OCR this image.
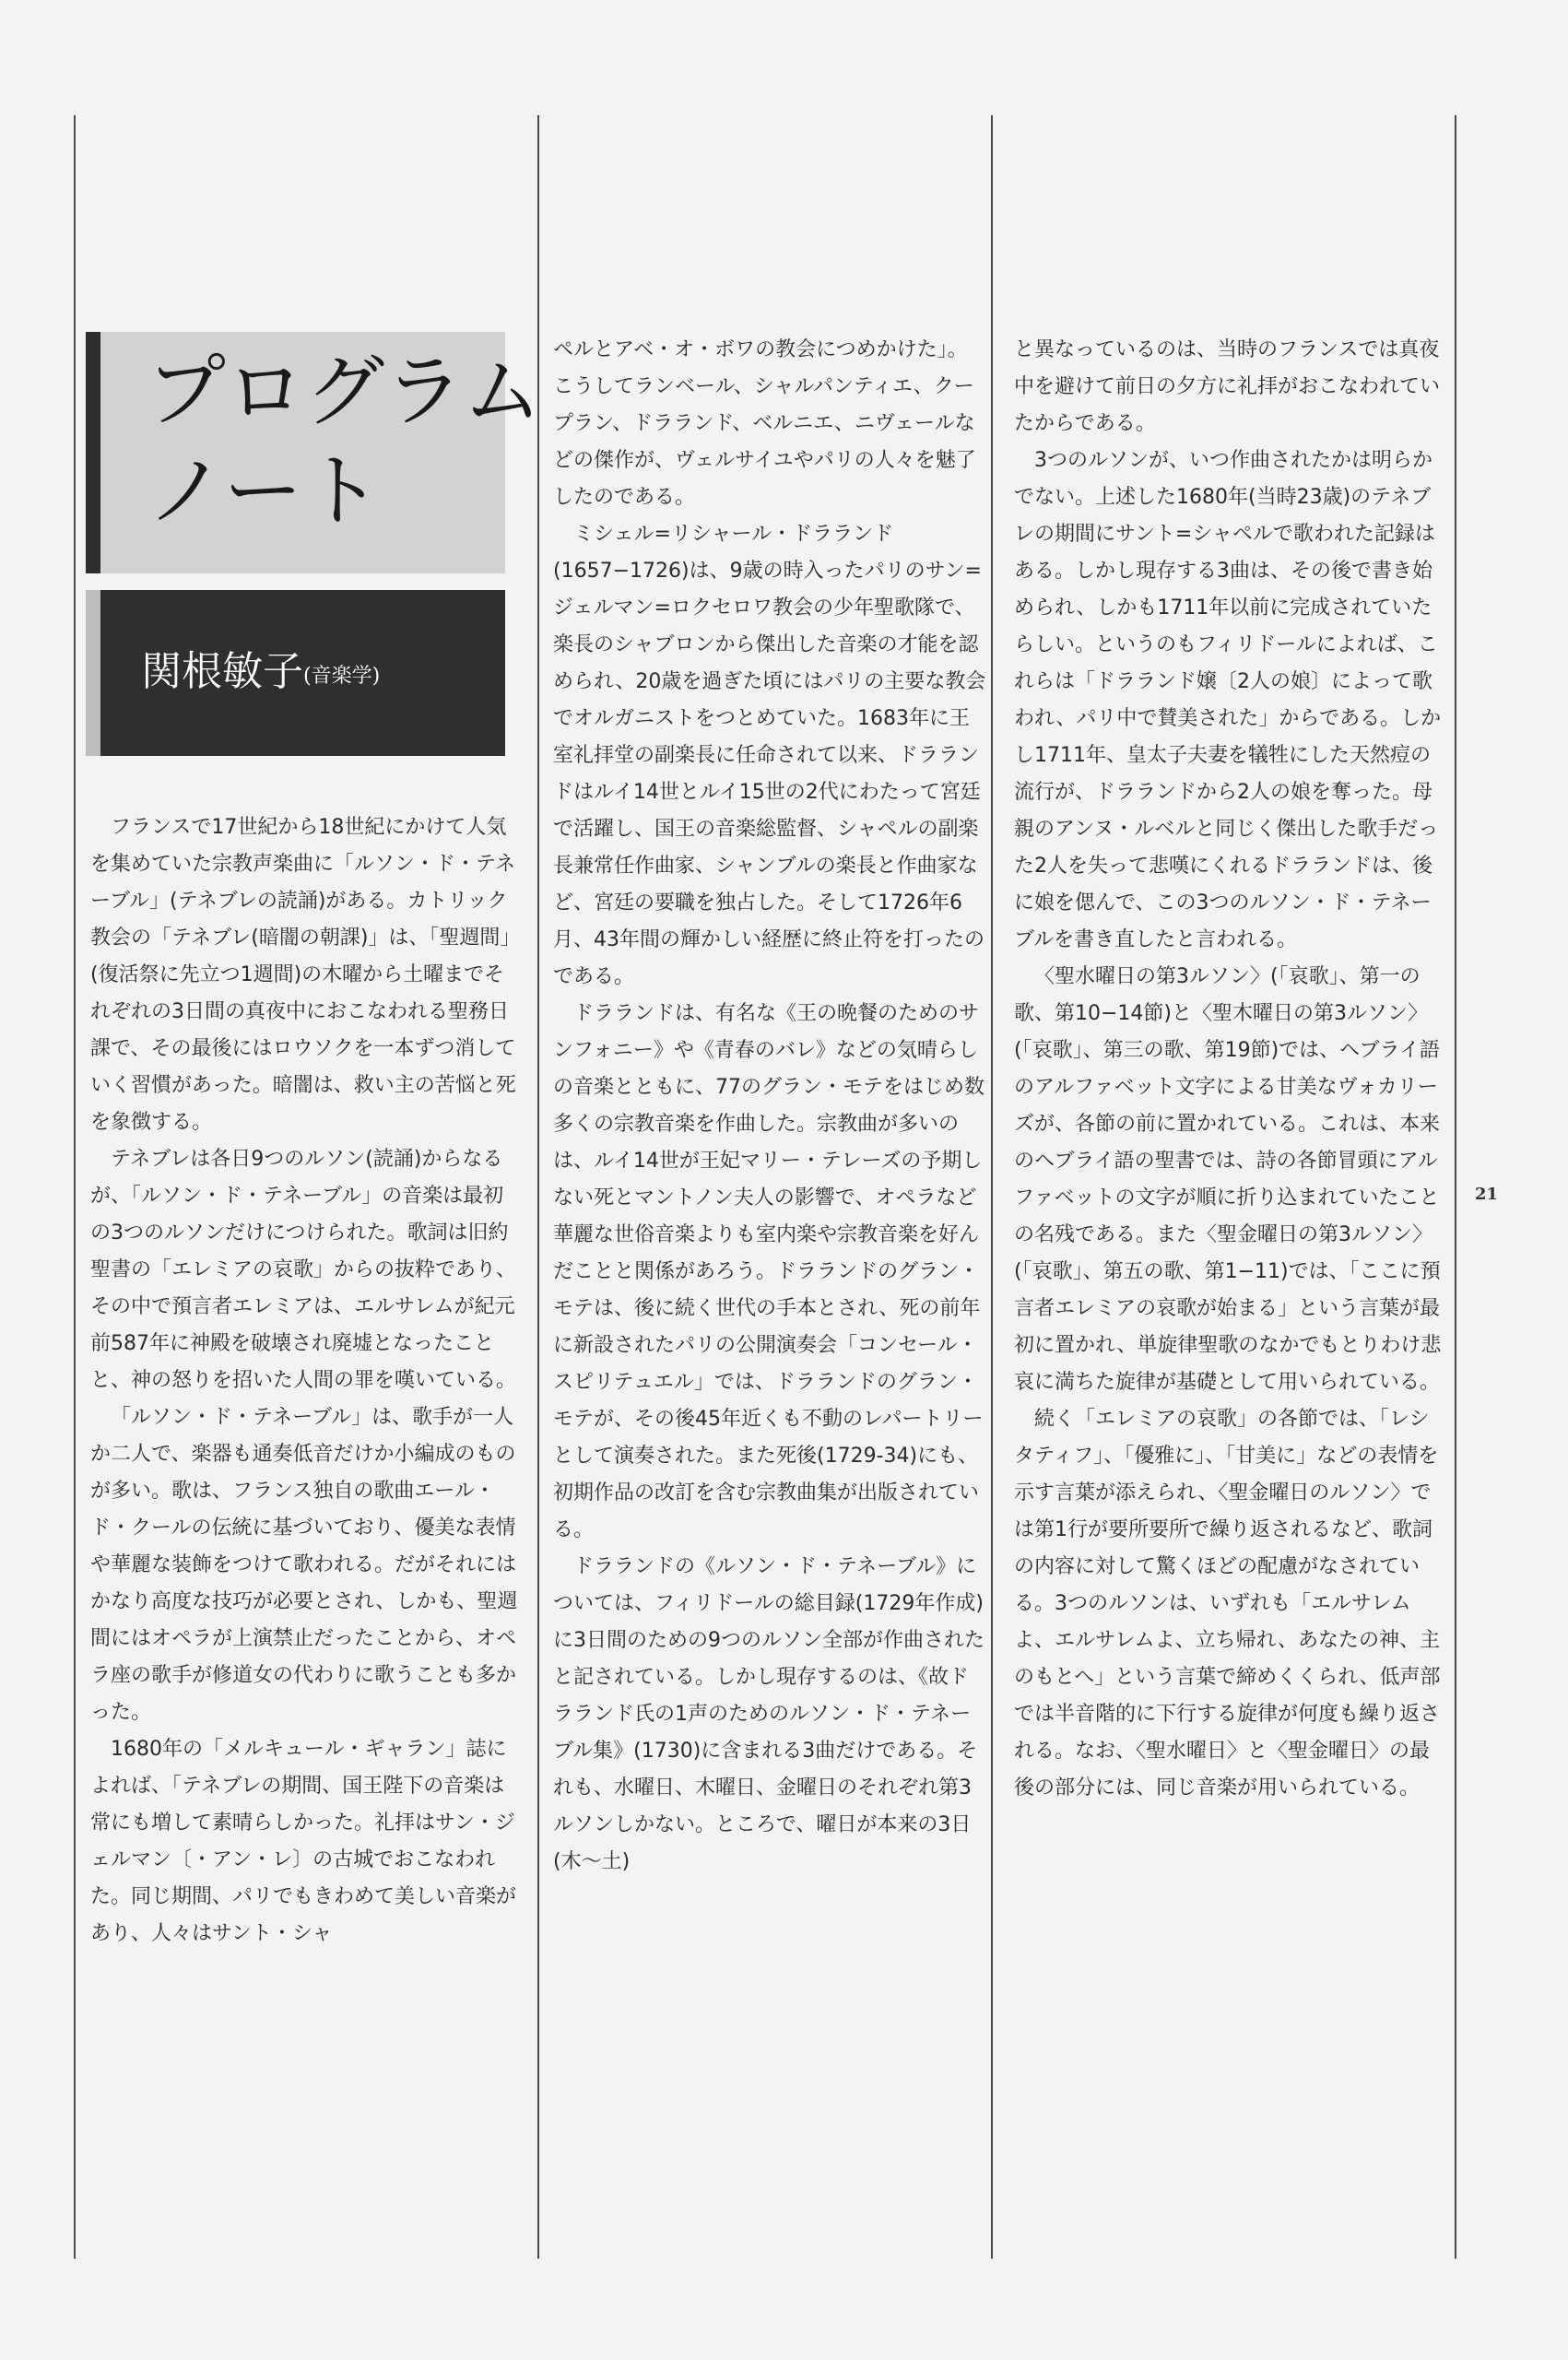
プログラム
ノート
関根敏子(音楽学)

フランスで17世紀から18世紀にかけて人気を集めていた宗教声楽曲に「ルソン・ド・テネーブル」(テネブレの読誦)がある。カトリック教会の「テネブレ(暗闇の朝課)」は、「聖週間」(復活祭に先立つ1週間)の木曜から土曜までそれぞれの3日間の真夜中におこなわれる聖務日課で、その最後にはロウソクを一本ずつ消していく習慣があった。暗闇は、救い主の苦悩と死を象徴する。

テネブレは各日9つのルソン(読誦)からなるが、「ルソン・ド・テネーブル」の音楽は最初の3つのルソンだけにつけられた。歌詞は旧約聖書の「エレミアの哀歌」からの抜粋であり、その中で預言者エレミアは、エルサレムが紀元前587年に神殿を破壊され廃墟となったことと、神の怒りを招いた人間の罪を嘆いている。

「ルソン・ド・テネーブル」は、歌手が一人か二人で、楽器も通奏低音だけか小編成のものが多い。歌は、フランス独自の歌曲エール・ド・クールの伝統に基づいており、優美な表情や華麗な装飾をつけて歌われる。だがそれにはかなり高度な技巧が必要とされ、しかも、聖週間にはオペラが上演禁止だったことから、オペラ座の歌手が修道女の代わりに歌うことも多かった。

1680年の「メルキュール・ギャラン」誌によれば、「テネブレの期間、国王陛下の音楽は常にも増して素晴らしかった。礼拝はサン・ジェルマン〔・アン・レ〕の古城でおこなわれた。同じ期間、パリでもきわめて美しい音楽があり、人々はサント・シャ

ペルとアベ・オ・ボワの教会につめかけた」。こうしてランベール、シャルパンティエ、クープラン、ドラランド、ベルニエ、ニヴェールなどの傑作が、ヴェルサイユやパリの人々を魅了したのである。

ミシェル=リシャール・ドラランド(1657−1726)は、9歳の時入ったパリのサン=ジェルマン=ロクセロワ教会の少年聖歌隊で、楽長のシャブロンから傑出した音楽の才能を認められ、20歳を過ぎた頃にはパリの主要な教会でオルガニストをつとめていた。1683年に王室礼拝堂の副楽長に任命されて以来、ドラランドはルイ14世とルイ15世の2代にわたって宮廷で活躍し、国王の音楽総監督、シャペルの副楽長兼常任作曲家、シャンブルの楽長と作曲家など、宮廷の要職を独占した。そして1726年6月、43年間の輝かしい経歴に終止符を打ったのである。

ドラランドは、有名な《王の晩餐のためのサンフォニー》や《青春のバレ》などの気晴らしの音楽とともに、77のグラン・モテをはじめ数多くの宗教音楽を作曲した。宗教曲が多いのは、ルイ14世が王妃マリー・テレーズの予期しない死とマントノン夫人の影響で、オペラなど華麗な世俗音楽よりも室内楽や宗教音楽を好んだことと関係があろう。ドラランドのグラン・モテは、後に続く世代の手本とされ、死の前年に新設されたパリの公開演奏会「コンセール・スピリテュエル」では、ドラランドのグラン・モテが、その後45年近くも不動のレパートリーとして演奏された。また死後(1729-34)にも、初期作品の改訂を含む宗教曲集が出版されている。

ドラランドの《ルソン・ド・テネーブル》については、フィリドールの総目録(1729年作成)に3日間のための9つのルソン全部が作曲されたと記されている。しかし現存するのは、《故ドラランド氏の1声のためのルソン・ド・テネーブル集》(1730)に含まれる3曲だけである。それも、水曜日、木曜日、金曜日のそれぞれ第3ルソンしかない。ところで、曜日が本来の3日(木〜土)

と異なっているのは、当時のフランスでは真夜中を避けて前日の夕方に礼拝がおこなわれていたからである。

3つのルソンが、いつ作曲されたかは明らかでない。上述した1680年(当時23歳)のテネブレの期間にサント=シャペルで歌われた記録はある。しかし現存する3曲は、その後で書き始められ、しかも1711年以前に完成されていたらしい。というのもフィリドールによれば、これらは「ドラランド嬢〔2人の娘〕によって歌われ、パリ中で賛美された」からである。しかし1711年、皇太子夫妻を犠牲にした天然痘の流行が、ドラランドから2人の娘を奪った。母親のアンヌ・ルベルと同じく傑出した歌手だった2人を失って悲嘆にくれるドラランドは、後に娘を偲んで、この3つのルソン・ド・テネーブルを書き直したと言われる。

〈聖水曜日の第3ルソン〉(「哀歌」、第一の歌、第10−14節)と〈聖木曜日の第3ルソン〉(「哀歌」、第三の歌、第19節)では、ヘブライ語のアルファベット文字による甘美なヴォカリーズが、各節の前に置かれている。これは、本来のヘブライ語の聖書では、詩の各節冒頭にアルファベットの文字が順に折り込まれていたことの名残である。また〈聖金曜日の第3ルソン〉(「哀歌」、第五の歌、第1−11)では、「ここに預言者エレミアの哀歌が始まる」という言葉が最初に置かれ、単旋律聖歌のなかでもとりわけ悲哀に満ちた旋律が基礎として用いられている。

続く「エレミアの哀歌」の各節では、「レシタティフ」、「優雅に」、「甘美に」などの表情を示す言葉が添えられ、〈聖金曜日のルソン〉では第1行が要所要所で繰り返されるなど、歌詞の内容に対して驚くほどの配慮がなされている。3つのルソンは、いずれも「エルサレムよ、エルサレムよ、立ち帰れ、あなたの神、主のもとへ」という言葉で締めくくられ、低声部では半音階的に下行する旋律が何度も繰り返される。なお、〈聖水曜日〉と〈聖金曜日〉の最後の部分には、同じ音楽が用いられている。

21
